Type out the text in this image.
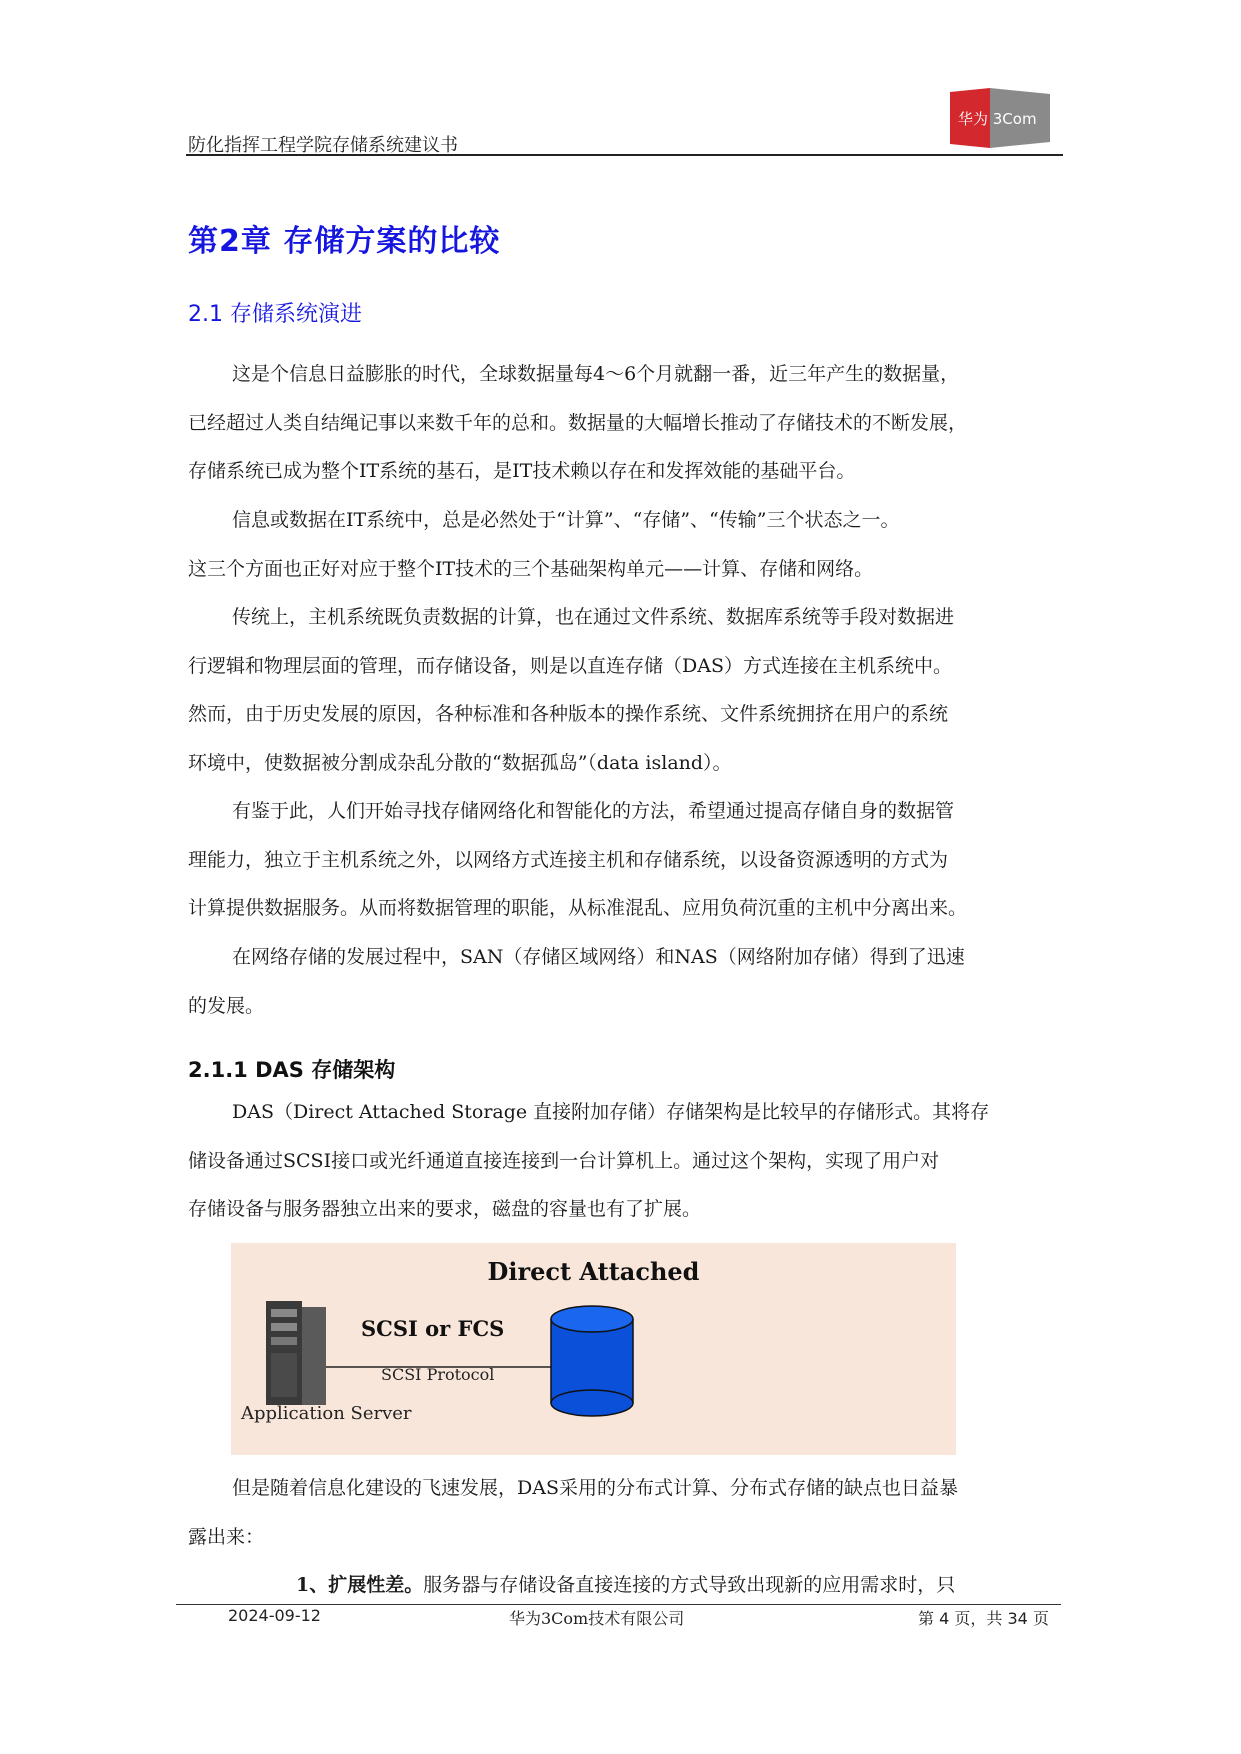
防化指挥工程学院存储系统建议书
华为 3Com
第2章 存储方案的比较
2.1 存储系统演进
这是个信息日益膨胀的时代，全球数据量每4～6个月就翻一番，近三年产生的数据量，
已经超过人类自结绳记事以来数千年的总和。数据量的大幅增长推动了存储技术的不断发展，
存储系统已成为整个IT系统的基石，是IT技术赖以存在和发挥效能的基础平台。
信息或数据在IT系统中，总是必然处于“计算”、“存储”、“传输”三个状态之一。
这三个方面也正好对应于整个IT技术的三个基础架构单元——计算、存储和网络。
传统上，主机系统既负责数据的计算，也在通过文件系统、数据库系统等手段对数据进
行逻辑和物理层面的管理，而存储设备，则是以直连存储（DAS）方式连接在主机系统中。
然而，由于历史发展的原因，各种标准和各种版本的操作系统、文件系统拥挤在用户的系统
环境中，使数据被分割成杂乱分散的“数据孤岛”（data island）。
有鉴于此，人们开始寻找存储网络化和智能化的方法，希望通过提高存储自身的数据管
理能力，独立于主机系统之外，以网络方式连接主机和存储系统，以设备资源透明的方式为
计算提供数据服务。从而将数据管理的职能，从标准混乱、应用负荷沉重的主机中分离出来。
在网络存储的发展过程中，SAN（存储区域网络）和NAS（网络附加存储）得到了迅速
的发展。
2.1.1 DAS 存储架构
DAS（Direct Attached Storage 直接附加存储）存储架构是比较早的存储形式。其将存
储设备通过SCSI接口或光纤通道直接连接到一台计算机上。通过这个架构，实现了用户对
存储设备与服务器独立出来的要求，磁盘的容量也有了扩展。
Direct Attached
SCSI or FCS
SCSI Protocol
Application Server
但是随着信息化建设的飞速发展，DAS采用的分布式计算、分布式存储的缺点也日益暴
露出来：
1、扩展性差。服务器与存储设备直接连接的方式导致出现新的应用需求时，只
2024-09-12	华为3Com技术有限公司	第 4 页，共 34 页
